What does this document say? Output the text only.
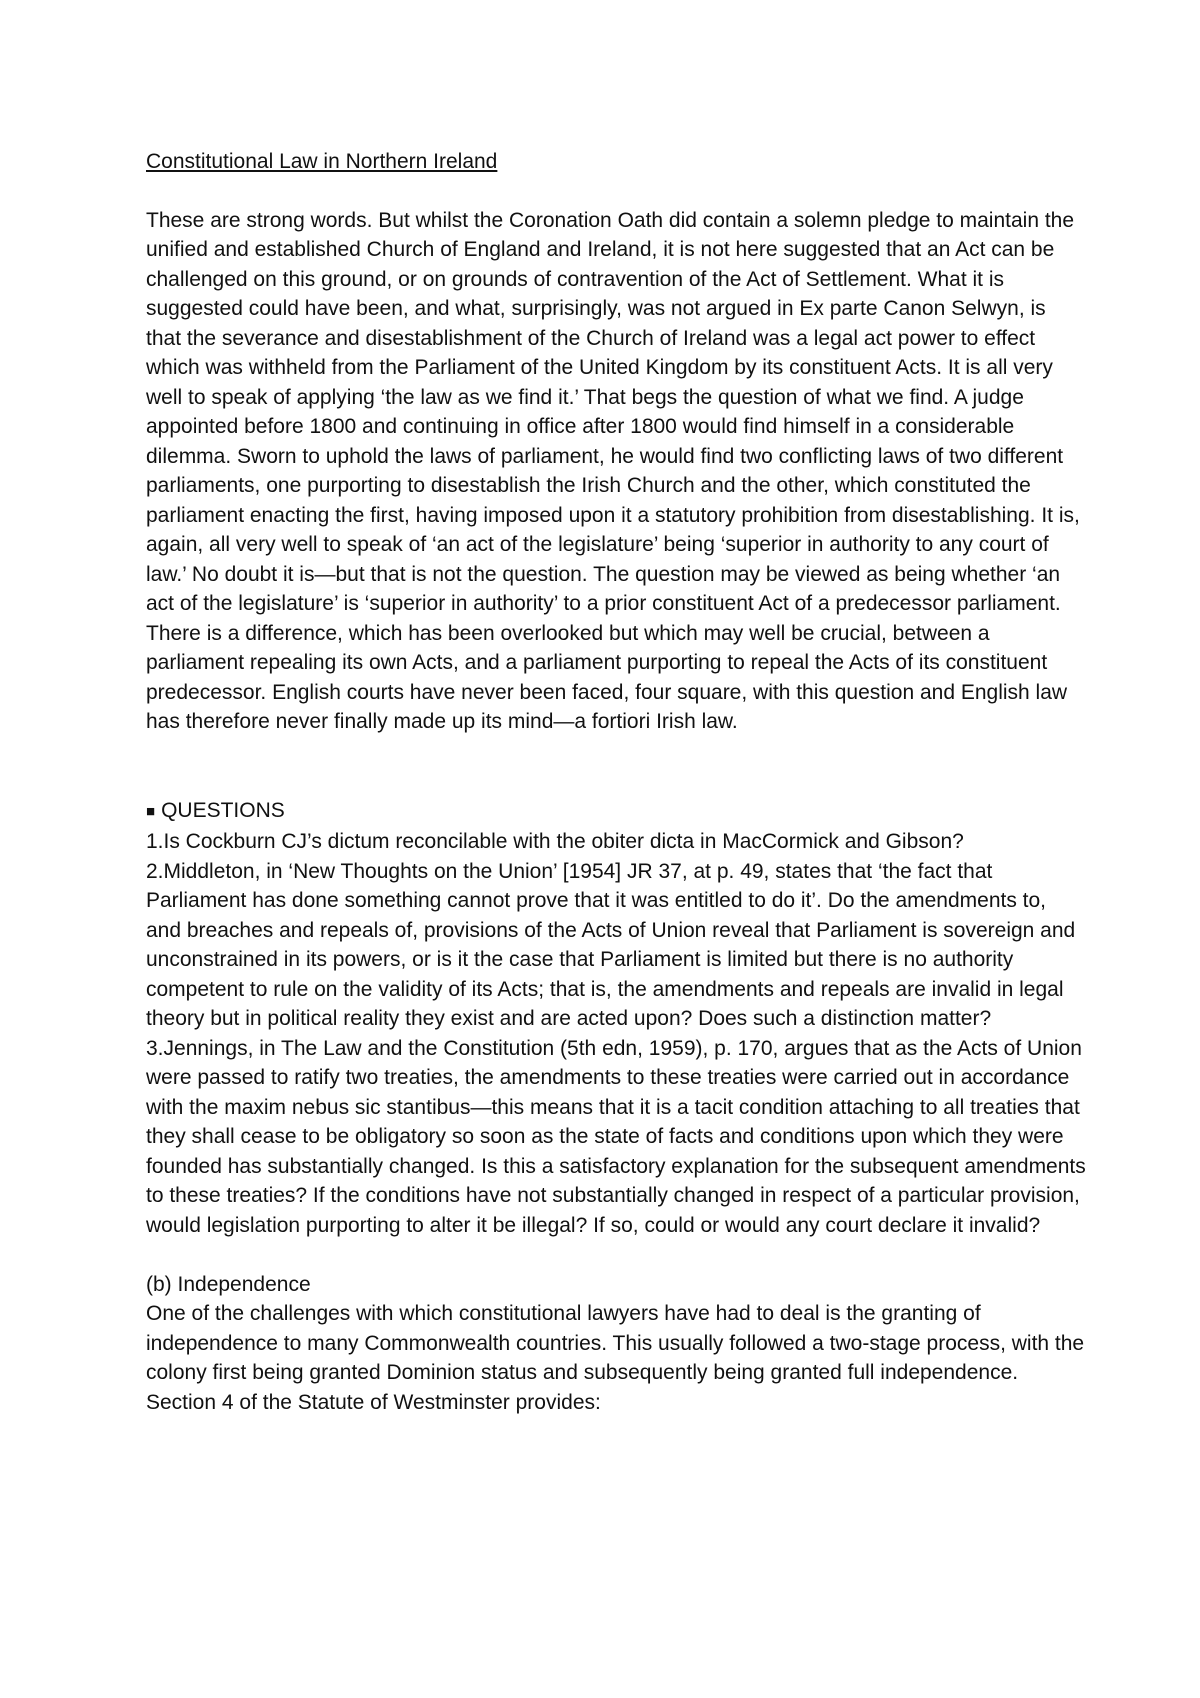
Constitutional Law in Northern Ireland

These are strong words. But whilst the Coronation Oath did contain a solemn pledge to maintain the unified and established Church of England and Ireland, it is not here suggested that an Act can be challenged on this ground, or on grounds of contravention of the Act of Settlement. What it is suggested could have been, and what, surprisingly, was not argued in Ex parte Canon Selwyn, is that the severance and disestablishment of the Church of Ireland was a legal act power to effect which was withheld from the Parliament of the United Kingdom by its constituent Acts. It is all very well to speak of applying ‘the law as we find it.’ That begs the question of what we find. A judge appointed before 1800 and continuing in office after 1800 would find himself in a considerable dilemma. Sworn to uphold the laws of parliament, he would find two conflicting laws of two different parliaments, one purporting to disestablish the Irish Church and the other, which constituted the parliament enacting the first, having imposed upon it a statutory prohibition from disestablishing. It is, again, all very well to speak of ‘an act of the legislature’ being ‘superior in authority to any court of law.’ No doubt it is—but that is not the question. The question may be viewed as being whether ‘an act of the legislature’ is ‘superior in authority’ to a prior constituent Act of a predecessor parliament. There is a difference, which has been overlooked but which may well be crucial, between a parliament repealing its own Acts, and a parliament purporting to repeal the Acts of its constituent predecessor. English courts have never been faced, four square, with this question and English law has therefore never finally made up its mind—a fortiori Irish law.

■ QUESTIONS

1.Is Cockburn CJ’s dictum reconcilable with the obiter dicta in MacCormick and Gibson?

2.Middleton, in ‘New Thoughts on the Union’ [1954] JR 37, at p. 49, states that ‘the fact that Parliament has done something cannot prove that it was entitled to do it’. Do the amendments to, and breaches and repeals of, provisions of the Acts of Union reveal that Parliament is sovereign and unconstrained in its powers, or is it the case that Parliament is limited but there is no authority competent to rule on the validity of its Acts; that is, the amendments and repeals are invalid in legal theory but in political reality they exist and are acted upon? Does such a distinction matter?

3.Jennings, in The Law and the Constitution (5th edn, 1959), p. 170, argues that as the Acts of Union were passed to ratify two treaties, the amendments to these treaties were carried out in accordance with the maxim nebus sic stantibus—this means that it is a tacit condition attaching to all treaties that they shall cease to be obligatory so soon as the state of facts and conditions upon which they were founded has substantially changed. Is this a satisfactory explanation for the subsequent amendments to these treaties? If the conditions have not substantially changed in respect of a particular provision, would legislation purporting to alter it be illegal? If so, could or would any court declare it invalid?

(b) Independence

One of the challenges with which constitutional lawyers have had to deal is the granting of independence to many Commonwealth countries. This usually followed a two-stage process, with the colony first being granted Dominion status and subsequently being granted full independence. Section 4 of the Statute of Westminster provides:
